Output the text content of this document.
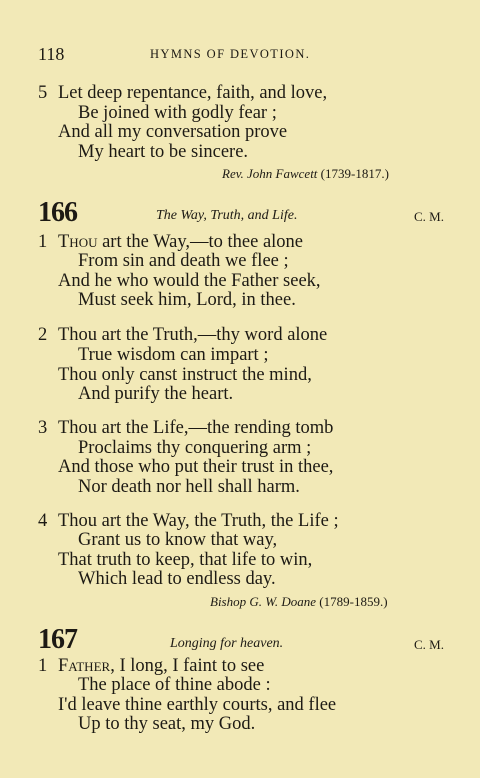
118	HYMNS OF DEVOTION.
5 Let deep repentance, faith, and love,
Be joined with godly fear ;
And all my conversation prove
My heart to be sincere.
Rev. John Fawcett (1739-1817.)
166	The Way, Truth, and Life.	C. M.
1 Thou art the Way,—to thee alone
From sin and death we flee ;
And he who would the Father seek,
Must seek him, Lord, in thee.
2 Thou art the Truth,—thy word alone
True wisdom can impart ;
Thou only canst instruct the mind,
And purify the heart.
3 Thou art the Life,—the rending tomb
Proclaims thy conquering arm ;
And those who put their trust in thee,
Nor death nor hell shall harm.
4 Thou art the Way, the Truth, the Life ;
Grant us to know that way,
That truth to keep, that life to win,
Which lead to endless day.
Bishop G. W. Doane (1789-1859.)
167	Longing for heaven.	C. M.
1 Father, I long, I faint to see
The place of thine abode :
I'd leave thine earthly courts, and flee
Up to thy seat, my God.
